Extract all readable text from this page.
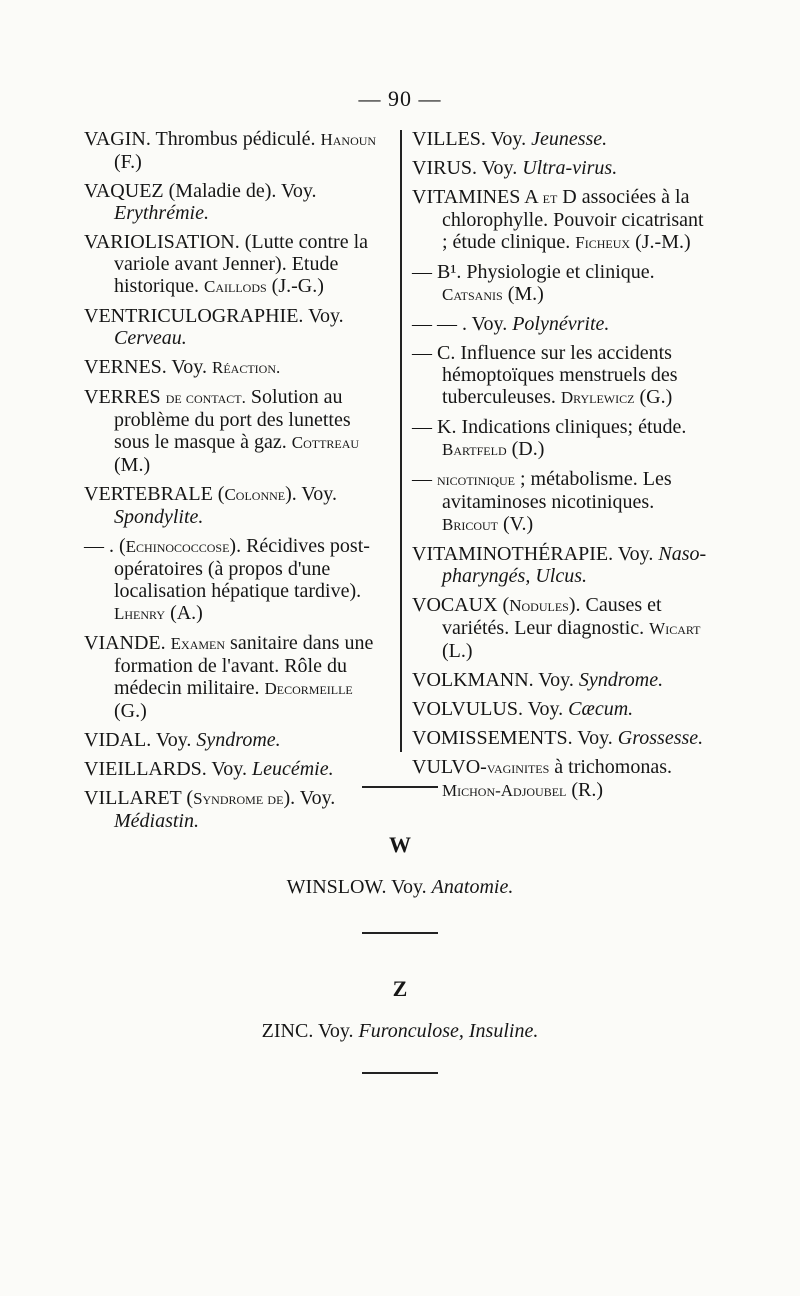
— 90 —

VAGIN. Thrombus pédiculé. Hanoun (F.)

VAQUEZ (Maladie de). Voy. Erythrémie.

VARIOLISATION. (Lutte contre la variole avant Jenner). Etude historique. Caillods (J.-G.)

VENTRICULOGRAPHIE. Voy. Cerveau.

VERNES. Voy. Réaction.

VERRES de contact. Solution au problème du port des lunettes sous le masque à gaz. Cottreau (M.)

VERTEBRALE (Colonne). Voy. Spondylite.

— . (Echinococcose). Récidives post-opératoires (à propos d'une localisation hépatique tardive). Lhenry (A.)

VIANDE. Examen sanitaire dans une formation de l'avant. Rôle du médecin militaire. Decormeille (G.)

VIDAL. Voy. Syndrome.

VIEILLARDS. Voy. Leucémie.

VILLARET (Syndrome de). Voy. Médiastin.

VILLES. Voy. Jeunesse.

VIRUS. Voy. Ultra-virus.

VITAMINES A et D associées à la chlorophylle. Pouvoir cicatrisant ; étude clinique. Ficheux (J.-M.)

— B¹. Physiologie et clinique. Catsanis (M.)

— — . Voy. Polynévrite.

— C. Influence sur les accidents hémoptoïques menstruels des tuberculeuses. Drylewicz (G.)

— K. Indications cliniques; étude. Bartfeld (D.)

— nicotinique ; métabolisme. Les avitaminoses nicotiniques. Bricout (V.)

VITAMINOTHÉRAPIE. Voy. Naso-pharyngés, Ulcus.

VOCAUX (Nodules). Causes et variétés. Leur diagnostic. Wicart (L.)

VOLKMANN. Voy. Syndrome.

VOLVULUS. Voy. Cæcum.

VOMISSEMENTS. Voy. Grossesse.

VULVO-vaginites à trichomonas. Michon-Adjoubel (R.)

W
WINSLOW. Voy. Anatomie.
Z
ZINC. Voy. Furonculose, Insuline.
